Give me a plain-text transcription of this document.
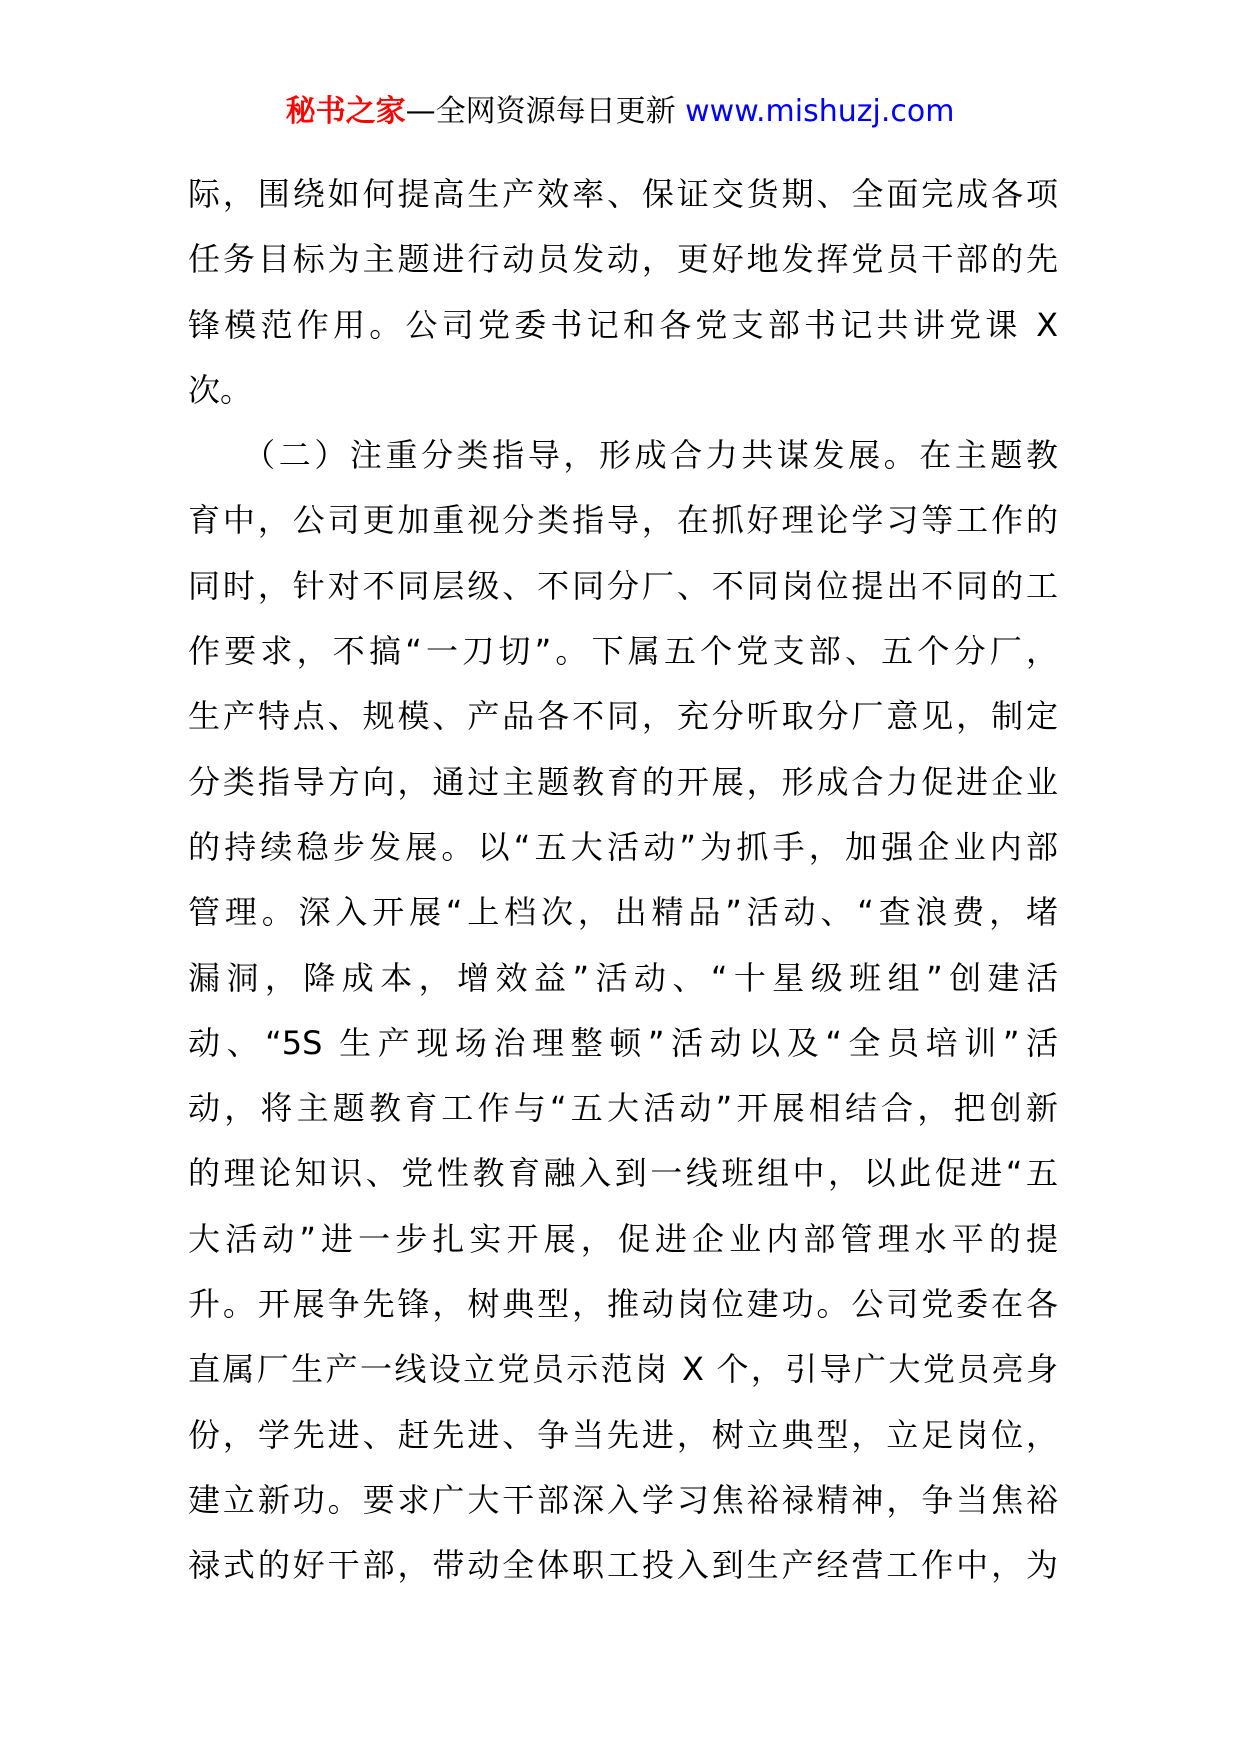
秘书之家—全网资源每日更新 www.mishuzj.com
际，围绕如何提高生产效率、保证交货期、全面完成各项
任务目标为主题进行动员发动，更好地发挥党员干部的先
锋模范作用。公司党委书记和各党支部书记共讲党课 X
次。
　　（二）注重分类指导，形成合力共谋发展。在主题教
育中，公司更加重视分类指导，在抓好理论学习等工作的
同时，针对不同层级、不同分厂、不同岗位提出不同的工
作要求，不搞“一刀切”。下属五个党支部、五个分厂，
生产特点、规模、产品各不同，充分听取分厂意见，制定
分类指导方向，通过主题教育的开展，形成合力促进企业
的持续稳步发展。以“五大活动”为抓手，加强企业内部
管理。深入开展“上档次，出精品”活动、“查浪费，堵
漏洞，降成本，增效益”活动、“十星级班组”创建活
动、“5S 生产现场治理整顿”活动以及“全员培训”活
动，将主题教育工作与“五大活动”开展相结合，把创新
的理论知识、党性教育融入到一线班组中，以此促进“五
大活动”进一步扎实开展，促进企业内部管理水平的提
升。开展争先锋，树典型，推动岗位建功。公司党委在各
直属厂生产一线设立党员示范岗 X 个，引导广大党员亮身
份，学先进、赶先进、争当先进，树立典型，立足岗位，
建立新功。要求广大干部深入学习焦裕禄精神，争当焦裕
禄式的好干部，带动全体职工投入到生产经营工作中，为
